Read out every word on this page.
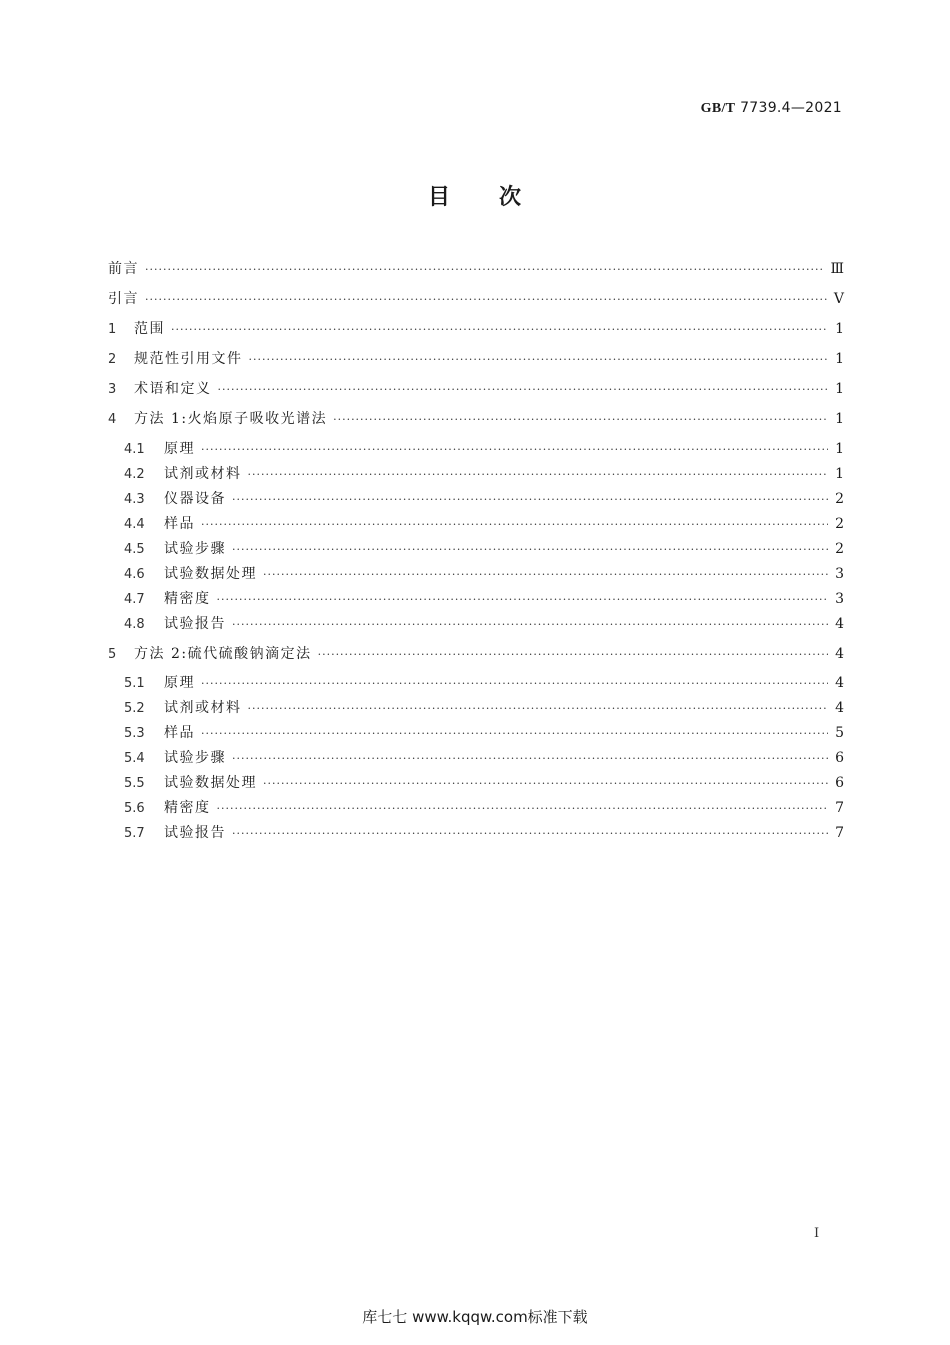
GB/T 7739.4—2021
目 次
前言 ·····	Ⅲ
引言 ·····	Ⅴ
1	范围 ·····	1
2	规范性引用文件 ·····	1
3	术语和定义 ·····	1
4	方法 1:火焰原子吸收光谱法 ·····	1
4.1	原理 ·····	1
4.2	试剂或材料 ·····	1
4.3	仪器设备 ·····	2
4.4	样品 ·····	2
4.5	试验步骤 ·····	2
4.6	试验数据处理 ·····	3
4.7	精密度 ·····	3
4.8	试验报告 ·····	4
5	方法 2:硫代硫酸钠滴定法 ·····	4
5.1	原理 ·····	4
5.2	试剂或材料 ·····	4
5.3	样品 ·····	5
5.4	试验步骤 ·····	6
5.5	试验数据处理 ·····	6
5.6	精密度 ·····	7
5.7	试验报告 ·····	7
Ⅰ
库七七 www.kqqw.com标准下载
